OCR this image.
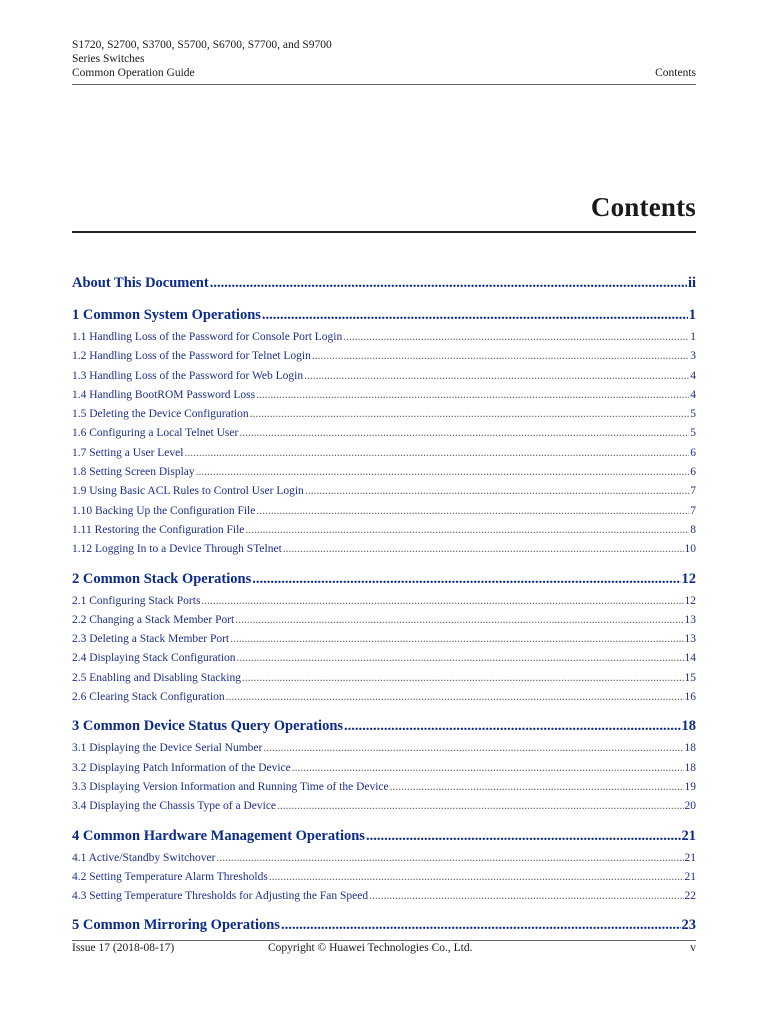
S1720, S2700, S3700, S5700, S6700, S7700, and S9700
Series Switches
Common Operation Guide	Contents
Contents
About This Document .....	ii
1 Common System Operations .....	1
1.1 Handling Loss of the Password for Console Port Login .....	1
1.2 Handling Loss of the Password for Telnet Login .....	3
1.3 Handling Loss of the Password for Web Login .....	4
1.4 Handling BootROM Password Loss .....	4
1.5 Deleting the Device Configuration .....	5
1.6 Configuring a Local Telnet User .....	5
1.7 Setting a User Level .....	6
1.8 Setting Screen Display .....	6
1.9 Using Basic ACL Rules to Control User Login .....	7
1.10 Backing Up the Configuration File .....	7
1.11 Restoring the Configuration File .....	8
1.12 Logging In to a Device Through STelnet .....	10
2 Common Stack Operations .....	12
2.1 Configuring Stack Ports .....	12
2.2 Changing a Stack Member Port .....	13
2.3 Deleting a Stack Member Port .....	13
2.4 Displaying Stack Configuration .....	14
2.5 Enabling and Disabling Stacking .....	15
2.6 Clearing Stack Configuration .....	16
3 Common Device Status Query Operations .....	18
3.1 Displaying the Device Serial Number .....	18
3.2 Displaying Patch Information of the Device .....	18
3.3 Displaying Version Information and Running Time of the Device .....	19
3.4 Displaying the Chassis Type of a Device .....	20
4 Common Hardware Management Operations .....	21
4.1 Active/Standby Switchover .....	21
4.2 Setting Temperature Alarm Thresholds .....	21
4.3 Setting Temperature Thresholds for Adjusting the Fan Speed .....	22
5 Common Mirroring Operations .....	23
Issue 17 (2018-08-17)	Copyright © Huawei Technologies Co., Ltd.	v
